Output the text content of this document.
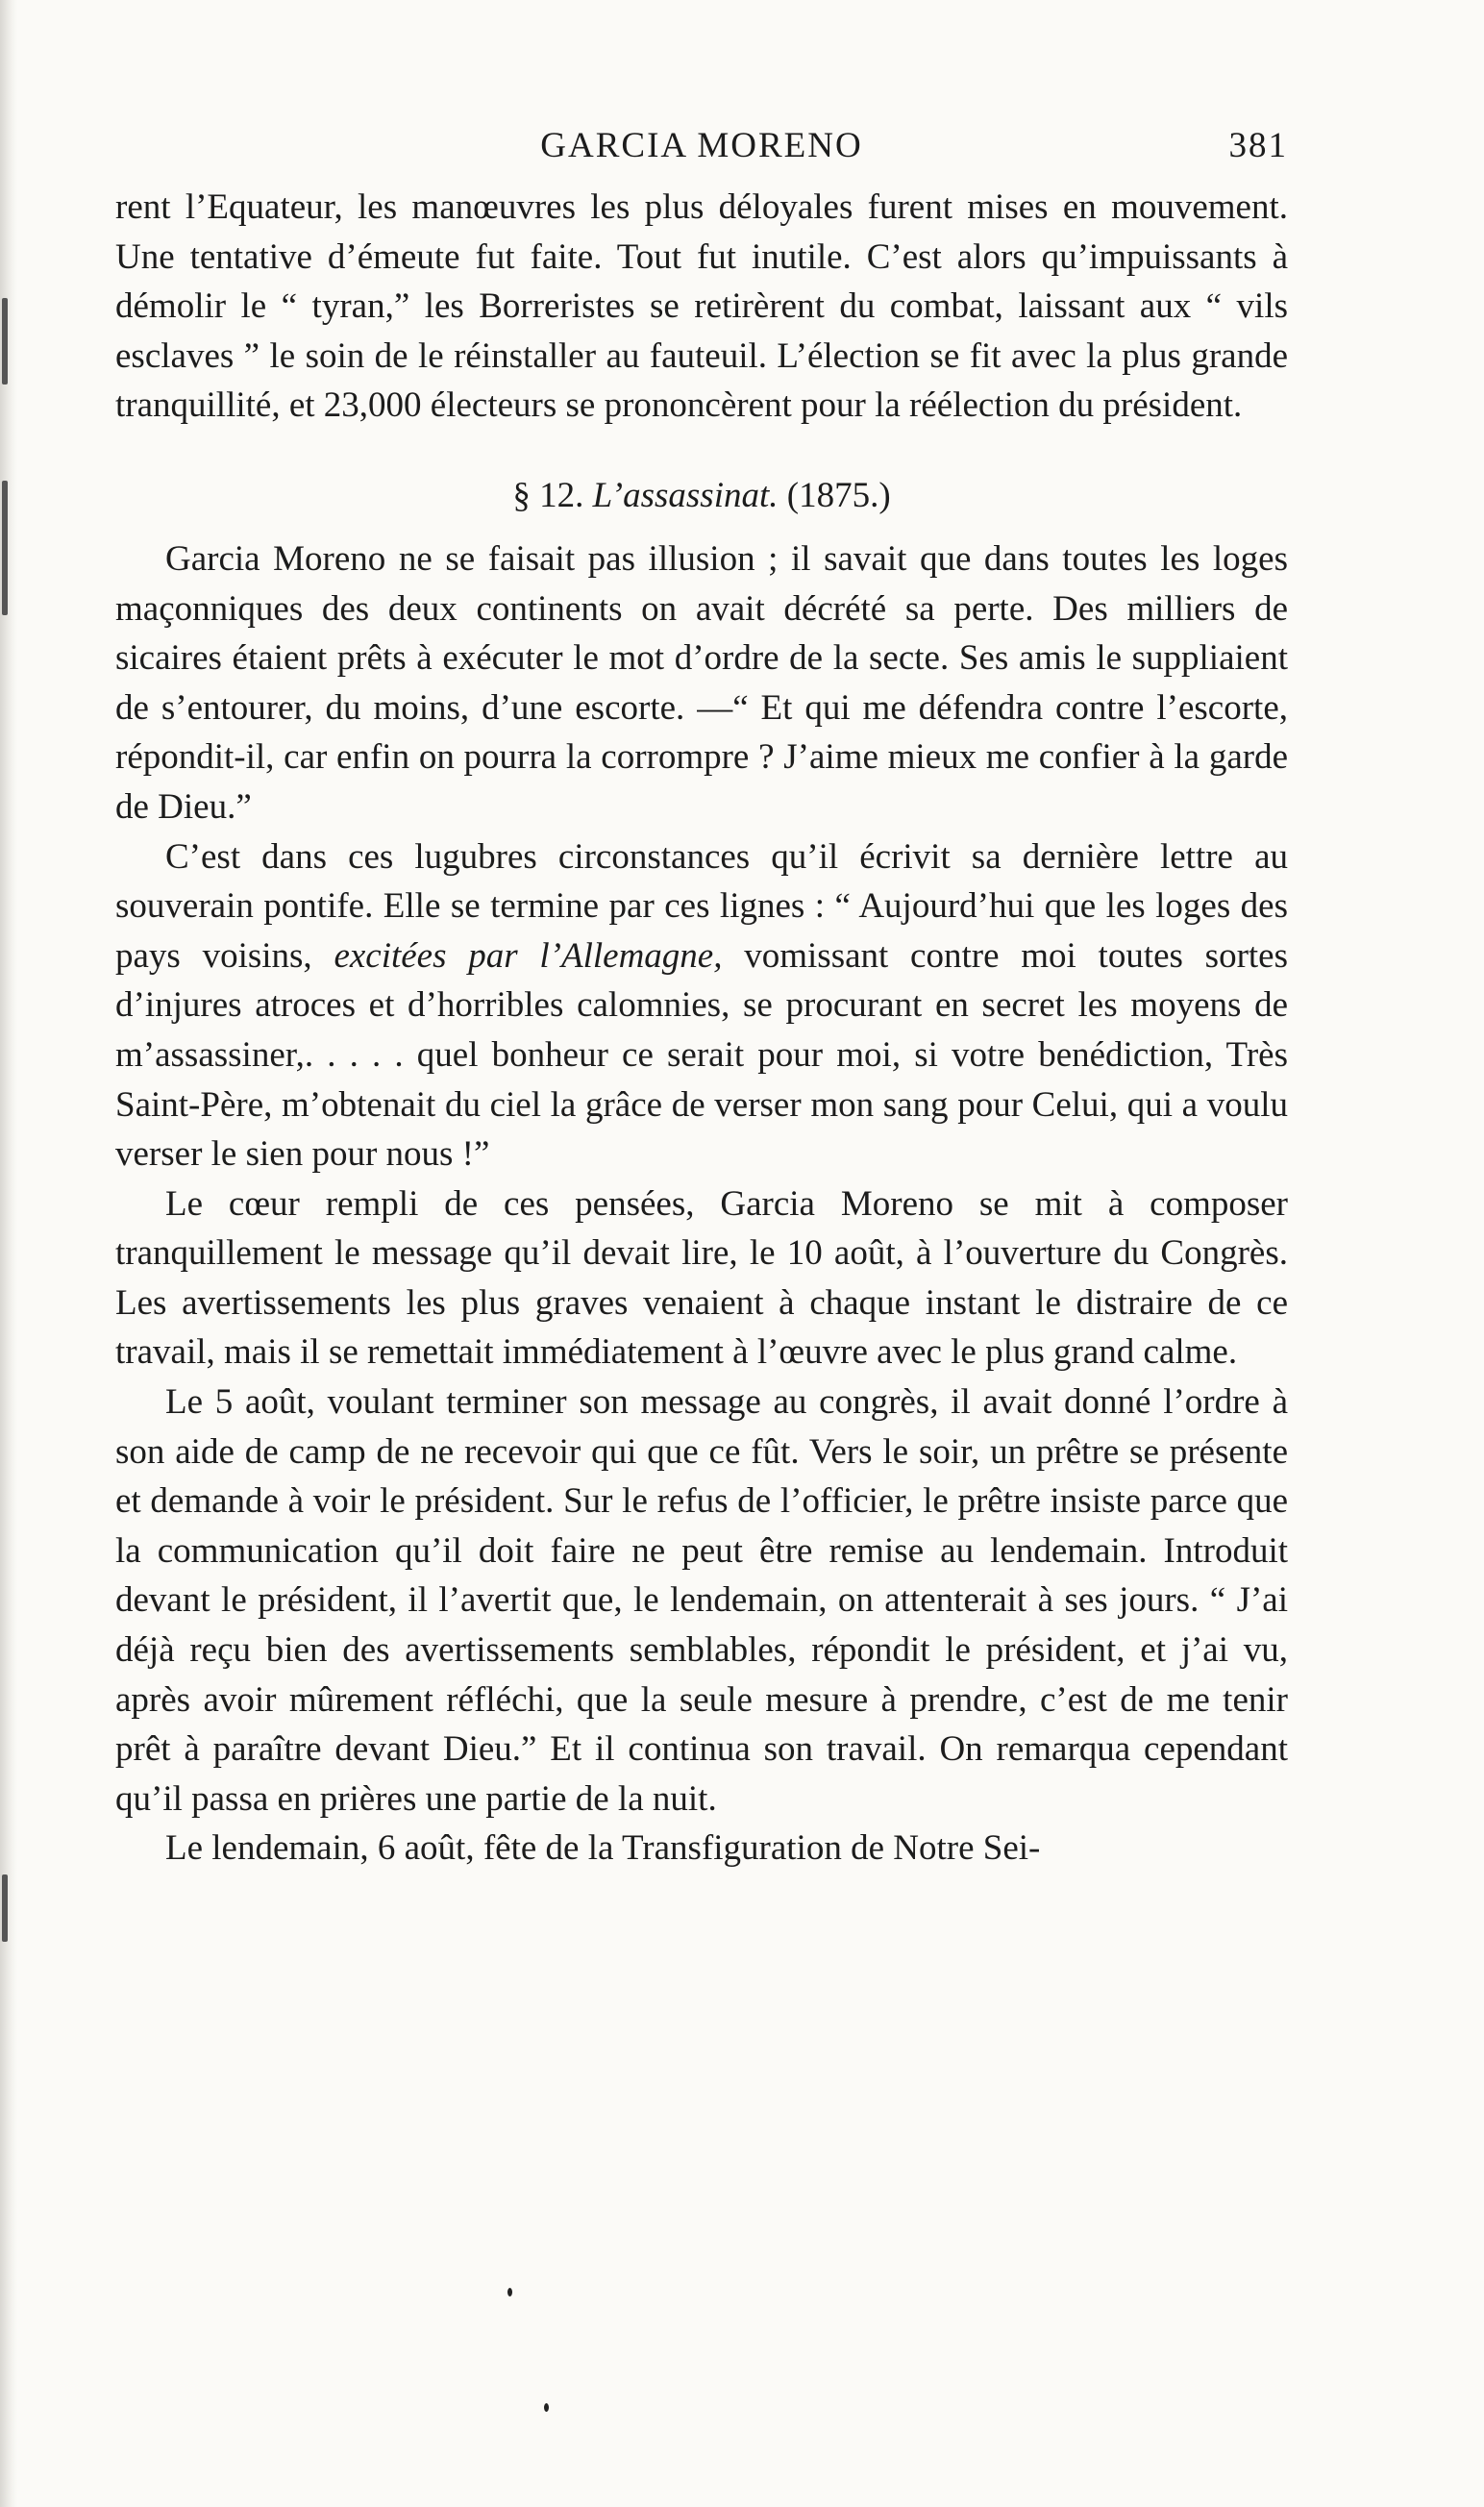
GARCIA MORENO	381

rent l’Equateur, les manœuvres les plus déloyales furent mises en mouvement. Une tentative d’émeute fut faite. Tout fut inutile. C’est alors qu’impuissants à démolir le “ tyran,” les Borreristes se retirèrent du combat, laissant aux “ vils esclaves ” le soin de le réinstaller au fauteuil. L’élection se fit avec la plus grande tranquillité, et 23,000 électeurs se prononcèrent pour la réélection du président.

§ 12. L’assassinat. (1875.)

Garcia Moreno ne se faisait pas illusion ; il savait que dans toutes les loges maçonniques des deux continents on avait décrété sa perte. Des milliers de sicaires étaient prêts à exécuter le mot d’ordre de la secte. Ses amis le suppliaient de s’entourer, du moins, d’une escorte. —“ Et qui me défendra contre l’escorte, répondit-il, car enfin on pourra la corrompre ? J’aime mieux me confier à la garde de Dieu.”

C’est dans ces lugubres circonstances qu’il écrivit sa dernière lettre au souverain pontife. Elle se termine par ces lignes : “ Aujourd’hui que les loges des pays voisins, excitées par l’Allemagne, vomissant contre moi toutes sortes d’injures atroces et d’horribles calomnies, se procurant en secret les moyens de m’assassiner,. . . . . quel bonheur ce serait pour moi, si votre benédiction, Très Saint-Père, m’obtenait du ciel la grâce de verser mon sang pour Celui, qui a voulu verser le sien pour nous !”

Le cœur rempli de ces pensées, Garcia Moreno se mit à composer tranquillement le message qu’il devait lire, le 10 août, à l’ouverture du Congrès. Les avertissements les plus graves venaient à chaque instant le distraire de ce travail, mais il se remettait immédiatement à l’œuvre avec le plus grand calme.

Le 5 août, voulant terminer son message au congrès, il avait donné l’ordre à son aide de camp de ne recevoir qui que ce fût. Vers le soir, un prêtre se présente et demande à voir le président. Sur le refus de l’officier, le prêtre insiste parce que la communication qu’il doit faire ne peut être remise au lendemain. Introduit devant le président, il l’avertit que, le lendemain, on attenterait à ses jours. “ J’ai déjà reçu bien des avertissements semblables, répondit le président, et j’ai vu, après avoir mûrement réfléchi, que la seule mesure à prendre, c’est de me tenir prêt à paraître devant Dieu.” Et il continua son travail. On remarqua cependant qu’il passa en prières une partie de la nuit.

Le lendemain, 6 août, fête de la Transfiguration de Notre Sei-
